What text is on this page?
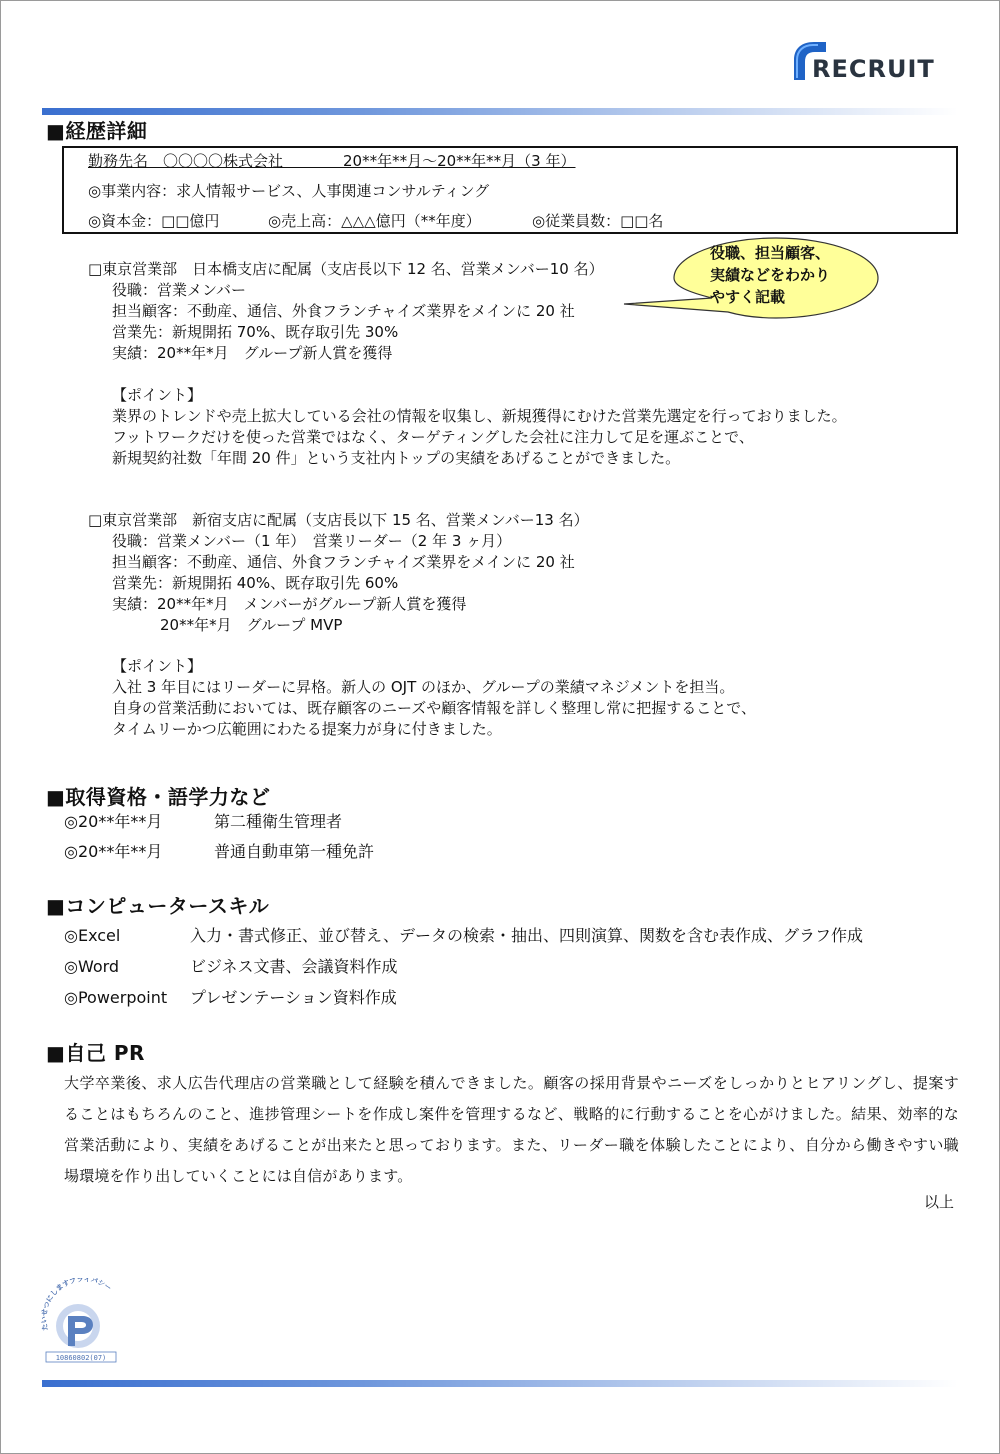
RECRUIT
■経歴詳細
勤務先名　〇〇〇〇株式会社　　　　20**年**月～20**年**月（3 年）
◎事業内容：求人情報サービス、人事関連コンサルティング
◎資本金：□□億円	◎売上高：△△△億円（**年度）	◎従業員数：□□名
役職、担当顧客、
実績などをわかり
やすく記載
□東京営業部　日本橋支店に配属（支店長以下 12 名、営業メンバー10 名）
役職：営業メンバー
担当顧客：不動産、通信、外食フランチャイズ業界をメインに 20 社
営業先：新規開拓 70%、既存取引先 30%
実績：20**年*月　グループ新人賞を獲得
【ポイント】
業界のトレンドや売上拡大している会社の情報を収集し、新規獲得にむけた営業先選定を行っておりました。
フットワークだけを使った営業ではなく、ターゲティングした会社に注力して足を運ぶことで、
新規契約社数「年間 20 件」という支社内トップの実績をあげることができました。
□東京営業部　新宿支店に配属（支店長以下 15 名、営業メンバー13 名）
役職：営業メンバー（1 年）　営業リーダー（2 年 3 ヶ月）
担当顧客：不動産、通信、外食フランチャイズ業界をメインに 20 社
営業先：新規開拓 40%、既存取引先 60%
実績：20**年*月　メンバーがグループ新人賞を獲得
20**年*月　グループ MVP
【ポイント】
入社 3 年目にはリーダーに昇格。新人の OJT のほか、グループの業績マネジメントを担当。
自身の営業活動においては、既存顧客のニーズや顧客情報を詳しく整理し常に把握することで、
タイムリーかつ広範囲にわたる提案力が身に付きました。
■取得資格・語学力など
◎20**年**月	第二種衛生管理者
◎20**年**月	普通自動車第一種免許
■コンピュータースキル
◎Excel	入力・書式修正、並び替え、データの検索・抽出、四則演算、関数を含む表作成、グラフ作成
◎Word	ビジネス文書、会議資料作成
◎Powerpoint プレゼンテーション資料作成
■自己 PR
大学卒業後、求人広告代理店の営業職として経験を積んできました。顧客の採用背景やニーズをしっかりとヒアリングし、提案することはもちろんのこと、進捗管理シートを作成し案件を管理するなど、戦略的に行動することを心がけました。結果、効率的な営業活動により、実績をあげることが出来たと思っております。また、リーダー職を体験したことにより、自分から働きやすい職場環境を作り出していくことには自信があります。
以上
たいせつにしますプライバシー
10860802(07)
